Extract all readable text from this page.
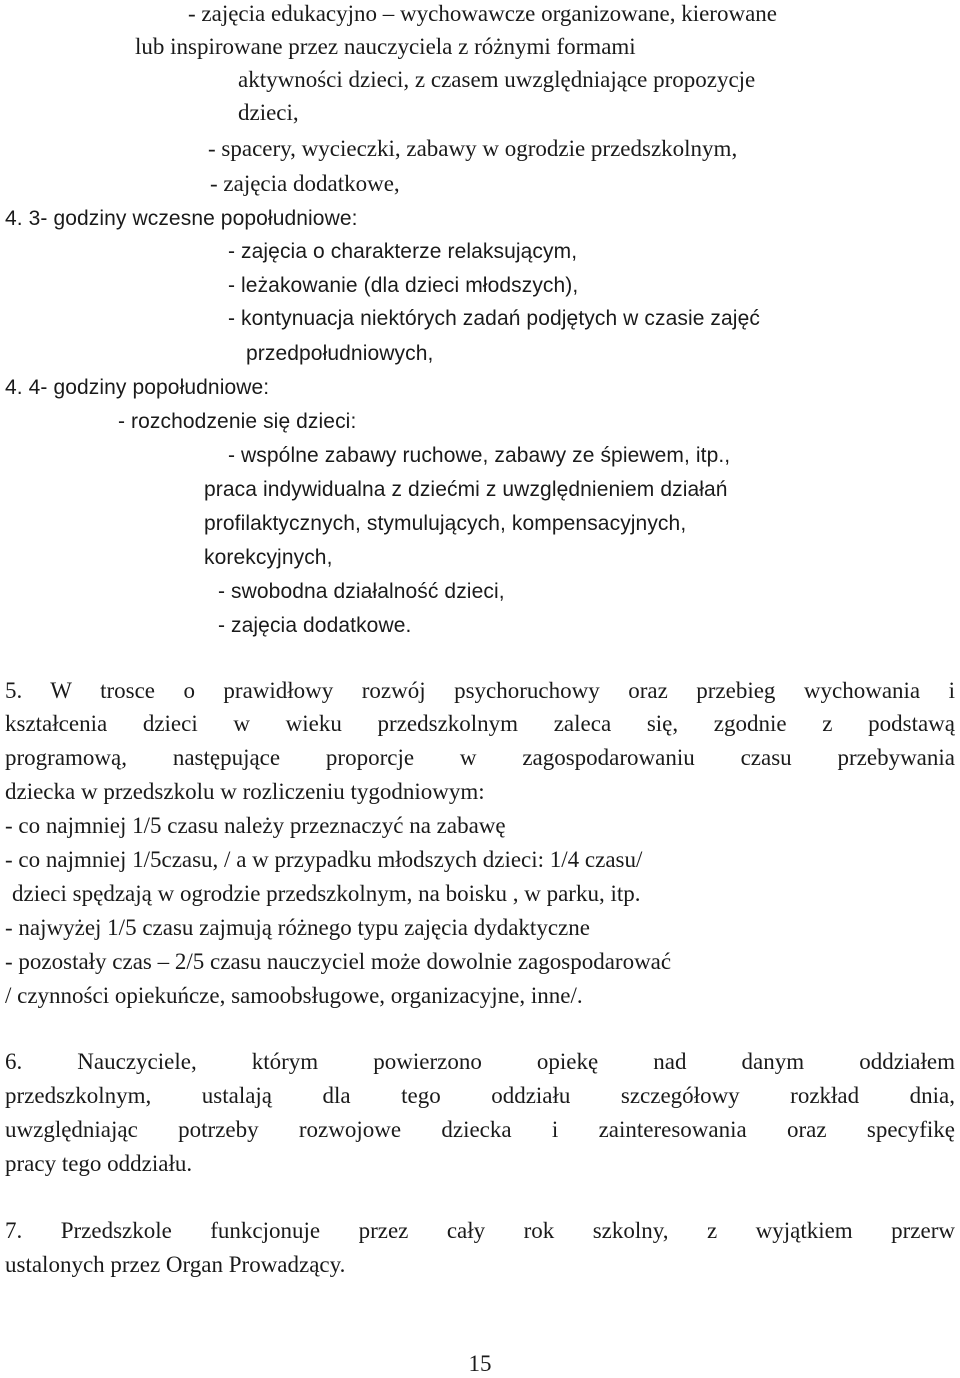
- zajęcia edukacyjno – wychowawcze organizowane, kierowane
lub inspirowane przez nauczyciela z różnymi formami
aktywności dzieci, z czasem uwzględniające propozycje
dzieci,
- spacery, wycieczki, zabawy w ogrodzie przedszkolnym,
- zajęcia dodatkowe,
4. 3- godziny wczesne popołudniowe:
- zajęcia o charakterze relaksującym,
- leżakowanie (dla dzieci młodszych),
- kontynuacja niektórych zadań podjętych w czasie zajęć
przedpołudniowych,
4. 4- godziny popołudniowe:
- rozchodzenie się dzieci:
- wspólne zabawy ruchowe, zabawy ze śpiewem, itp.,
praca indywidualna z dziećmi z uwzględnieniem działań
profilaktycznych, stymulujących, kompensacyjnych,
korekcyjnych,
- swobodna działalność dzieci,
- zajęcia dodatkowe.
5. W trosce o prawidłowy rozwój psychoruchowy oraz przebieg wychowania i
kształcenia dzieci w wieku przedszkolnym zaleca się, zgodnie z podstawą
programową, następujące proporcje w zagospodarowaniu czasu przebywania
dziecka w przedszkolu w rozliczeniu tygodniowym:
- co najmniej 1/5 czasu należy przeznaczyć na zabawę
- co najmniej 1/5czasu, / a w przypadku młodszych dzieci: 1/4 czasu/
dzieci spędzają w ogrodzie przedszkolnym, na boisku , w parku, itp.
- najwyżej 1/5 czasu zajmują różnego typu zajęcia dydaktyczne
- pozostały czas – 2/5 czasu nauczyciel może dowolnie zagospodarować
/ czynności opiekuńcze, samoobsługowe, organizacyjne, inne/.
6. Nauczyciele, którym powierzono opiekę nad danym oddziałem
przedszkolnym, ustalają dla tego oddziału szczegółowy rozkład dnia,
uwzględniając potrzeby rozwojowe dziecka i zainteresowania oraz specyfikę
pracy tego oddziału.
7. Przedszkole funkcjonuje przez cały rok szkolny, z wyjątkiem przerw
ustalonych przez Organ Prowadzący.
15
